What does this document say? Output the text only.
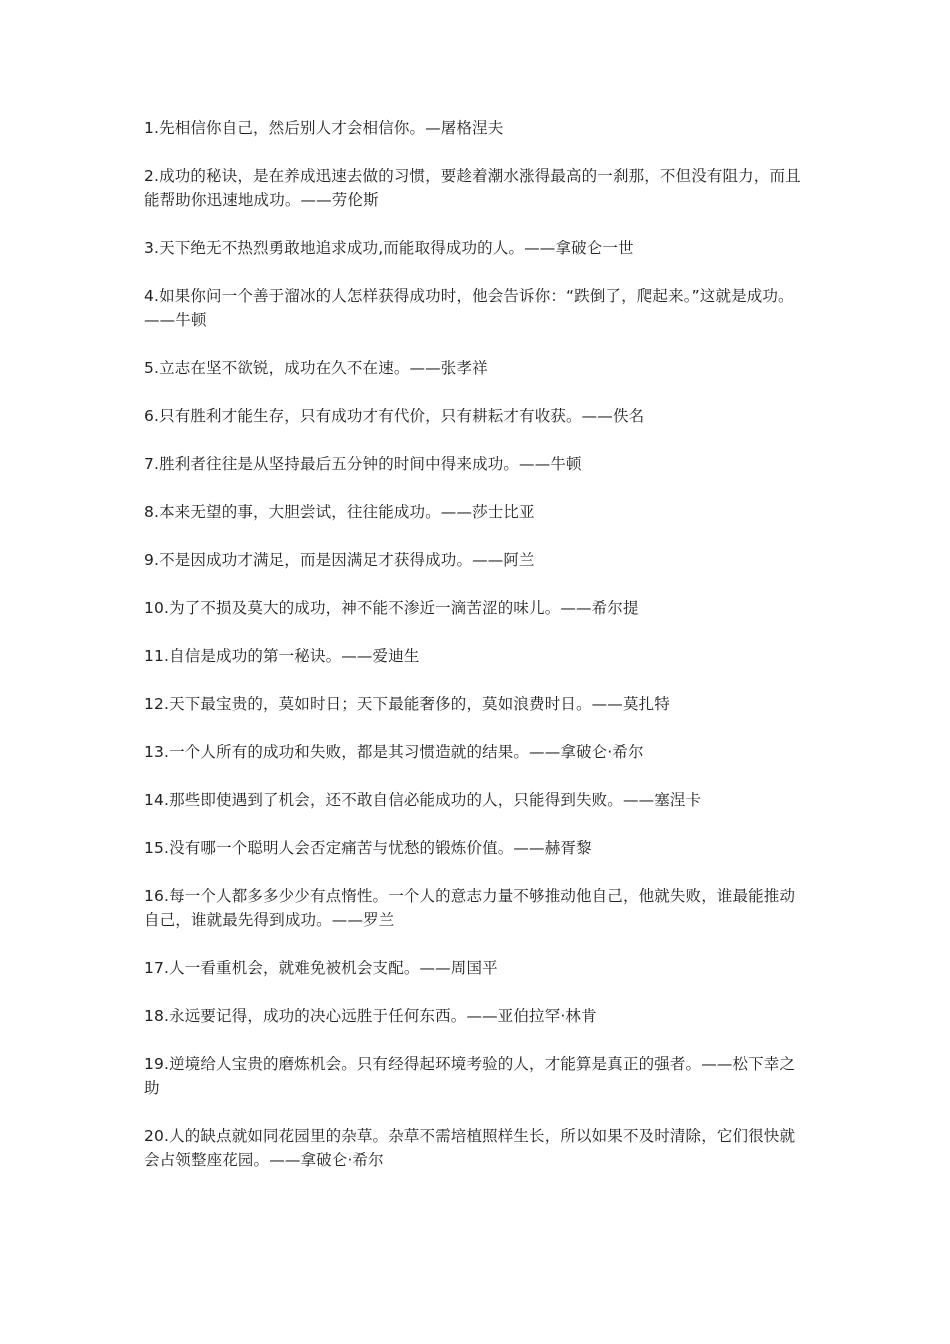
1.先相信你自己，然后别人才会相信你。—屠格涅夫

2.成功的秘诀，是在养成迅速去做的习惯，要趁着潮水涨得最高的一刹那，不但没有阻力，而且能帮助你迅速地成功。——劳伦斯

3.天下绝无不热烈勇敢地追求成功,而能取得成功的人。——拿破仑一世

4.如果你问一个善于溜冰的人怎样获得成功时，他会告诉你：“跌倒了，爬起来。”这就是成功。——牛顿

5.立志在坚不欲锐，成功在久不在速。——张孝祥

6.只有胜利才能生存，只有成功才有代价，只有耕耘才有收获。——佚名

7.胜利者往往是从坚持最后五分钟的时间中得来成功。——牛顿

8.本来无望的事，大胆尝试，往往能成功。——莎士比亚

9.不是因成功才满足，而是因满足才获得成功。——阿兰

10.为了不损及莫大的成功，神不能不渗近一滴苦涩的味儿。——希尔提

11.自信是成功的第一秘诀。——爱迪生

12.天下最宝贵的，莫如时日；天下最能奢侈的，莫如浪费时日。——莫扎特

13.一个人所有的成功和失败，都是其习惯造就的结果。——拿破仑·希尔

14.那些即使遇到了机会，还不敢自信必能成功的人，只能得到失败。——塞涅卡

15.没有哪一个聪明人会否定痛苦与忧愁的锻炼价值。——赫胥黎

16.每一个人都多多少少有点惰性。一个人的意志力量不够推动他自己，他就失败，谁最能推动自己，谁就最先得到成功。——罗兰

17.人一看重机会，就难免被机会支配。——周国平

18.永远要记得，成功的决心远胜于任何东西。——亚伯拉罕·林肯

19.逆境给人宝贵的磨炼机会。只有经得起环境考验的人，才能算是真正的强者。——松下幸之助

20.人的缺点就如同花园里的杂草。杂草不需培植照样生长，所以如果不及时清除，它们很快就会占领整座花园。——拿破仑·希尔
